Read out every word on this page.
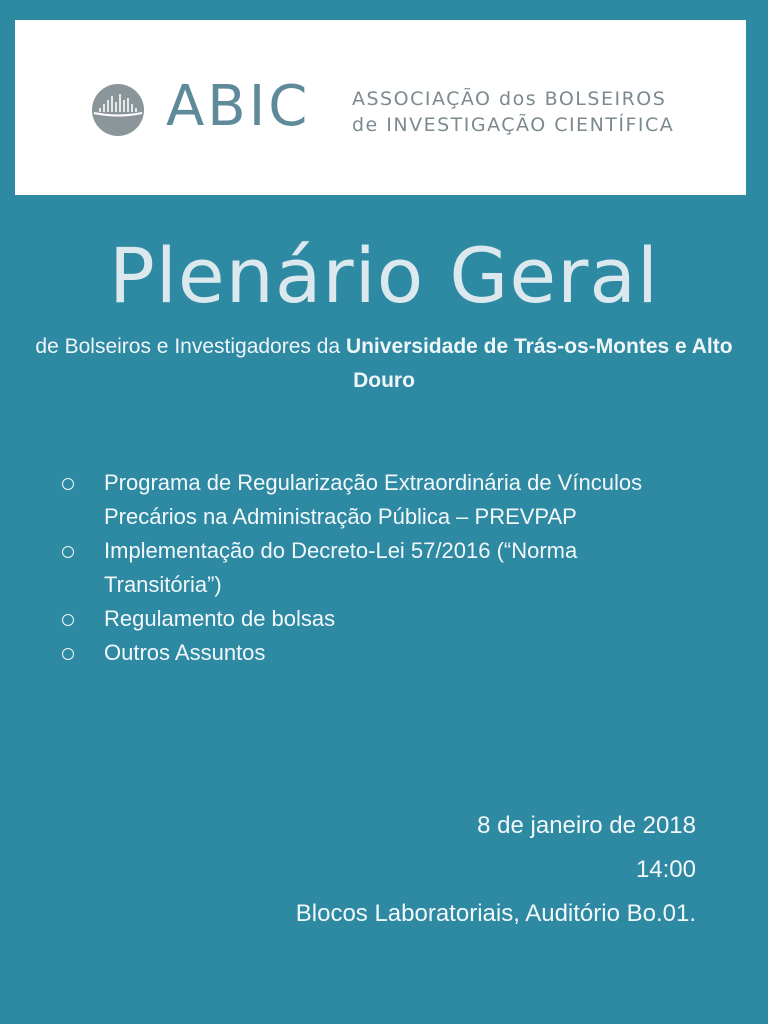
ABIC ASSOCIAÇÃO dos BOLSEIROS
de INVESTIGAÇÃO CIENTÍFICA
Plenário Geral
de Bolseiros e Investigadores da Universidade de Trás-os-Montes e Alto Douro
Programa de Regularização Extraordinária de Vínculos Precários na Administração Pública – PREVPAP
Implementação do Decreto-Lei 57/2016 (“Norma Transitória”)
Regulamento de bolsas
Outros Assuntos
8 de janeiro de 2018
14:00
Blocos Laboratoriais, Auditório Bo.01.
